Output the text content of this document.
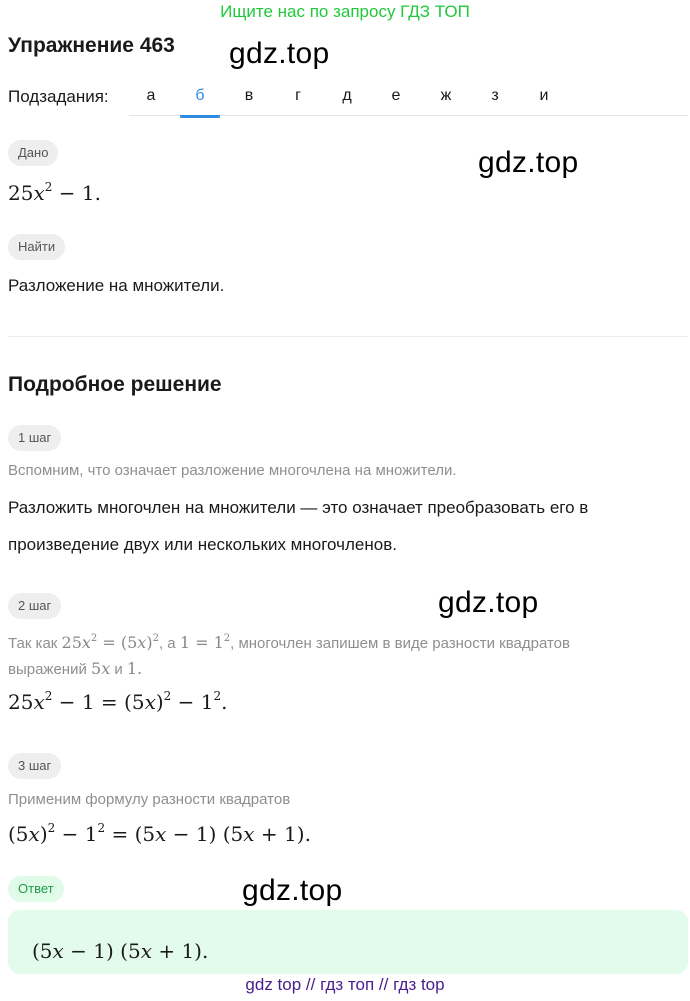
Ищите нас по запросу ГДЗ ТОП
Упражнение 463 gdz.top
gdz.top
gdz.top
gdz.top
Подзадания:	а	б	в	г	д	е	ж	з	и
Дано
$25x^2 - 1$.
Найти
Разложение на множители.
Подробное решение
1 шаг
Вспомним, что означает разложение многочлена на множители.
Разложить многочлен на множители — это означает преобразовать его в
произведение двух или нескольких многочленов.
2 шаг
Так как $25x^2 = (5x)^2$, а $1 = 1^2$, многочлен запишем в виде разности квадратов
выражений 5x и 1.
$25x^2 - 1 = (5x)^2 - 1^2$.
3 шаг
Применим формулу разности квадратов
$(5x)^2 - 1^2 = (5x - 1) (5x + 1)$.
Ответ
(5x − 1) (5x + 1).
gdz top // гдз топ // гдз top
